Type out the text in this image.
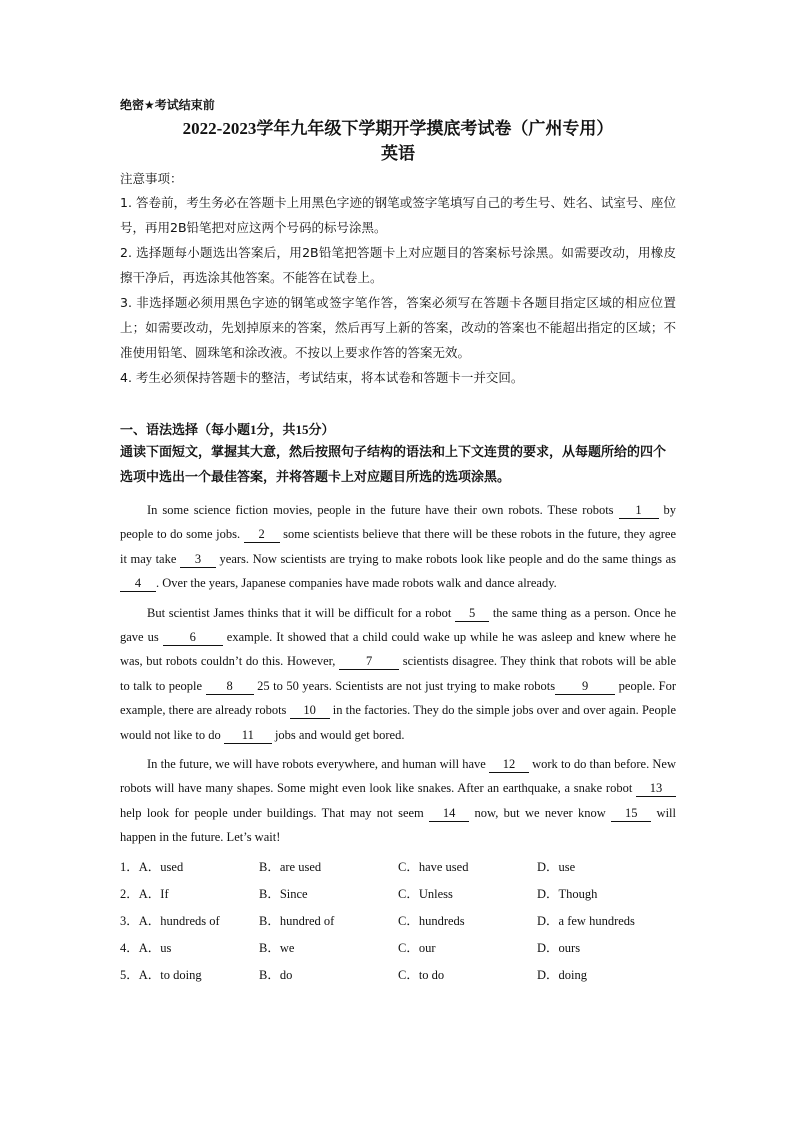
绝密★考试结束前
2022-2023学年九年级下学期开学摸底考试卷（广州专用）
英语
注意事项：
1. 答卷前，考生务必在答题卡上用黑色字迹的钢笔或签字笔填写自己的考生号、姓名、试室号、座位号，再用2B铅笔把对应这两个号码的标号涂黑。
2. 选择题每小题选出答案后，用2B铅笔把答题卡上对应题目的答案标号涂黑。如需要改动，用橡皮擦干净后，再选涂其他答案。不能答在试卷上。
3. 非选择题必须用黑色字迹的钢笔或签字笔作答，答案必须写在答题卡各题目指定区域的相应位置上；如需要改动，先划掉原来的答案，然后再写上新的答案，改动的答案也不能超出指定的区域；不准使用铅笔、圆珠笔和涂改液。不按以上要求作答的答案无效。
4. 考生必须保持答题卡的整洁，考试结束，将本试卷和答题卡一并交回。
一、语法选择（每小题1分，共15分）
通读下面短文，掌握其大意，然后按照句子结构的语法和上下文连贯的要求，从每题所给的四个选项中选出一个最佳答案，并将答题卡上对应题目所选的选项涂黑。

In some science fiction movies, people in the future have their own robots. These robots 1 by people to do some jobs. 2 some scientists believe that there will be these robots in the future, they agree it may take 3 years. Now scientists are trying to make robots look like people and do the same things as 4 . Over the years, Japanese companies have made robots walk and dance already.

But scientist James thinks that it will be difficult for a robot 5 the same thing as a person. Once he gave us 6 example. It showed that a child could wake up while he was asleep and knew where he was, but robots couldn’t do this. However, 7 scientists disagree. They think that robots will be able to talk to people 8 25 to 50 years. Scientists are not just trying to make robots 9 people. For example, there are already robots 10 in the factories. They do the simple jobs over and over again. People would not like to do 11 jobs and would get bored.

In the future, we will have robots everywhere, and human will have 12 work to do than before. New robots will have many shapes. Some might even look like snakes. After an earthquake, a snake robot 13 help look for people under buildings. That may not seem 14 now, but we never know 15 will happen in the future. Let’s wait!

1．A．used	B．are used	C．have used	D．use
2．A．If	B．Since	C．Unless	D．Though
3．A．hundreds of	B．hundred of	C．hundreds	D．a few hundreds
4．A．us	B．we	C．our	D．ours
5．A．to doing	B．do	C．to do	D．doing
